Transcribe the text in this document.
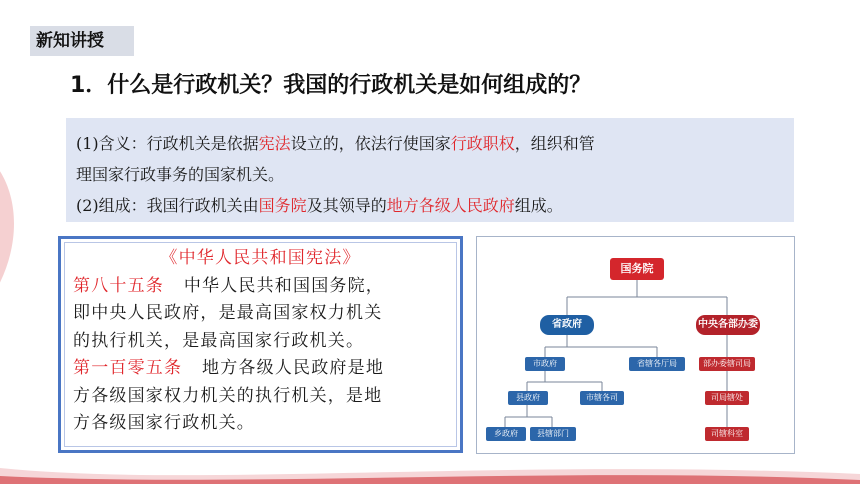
新知讲授
1．什么是行政机关？我国的行政机关是如何组成的？
(1)含义：行政机关是依据宪法设立的，依法行使国家行政职权，组织和管
理国家行政事务的国家机关。
(2)组成：我国行政机关由国务院及其领导的地方各级人民政府组成。
《中华人民共和国宪法》
第八十五条 中华人民共和国国务院，
即中央人民政府，是最高国家权力机关
的执行机关，是最高国家行政机关。
第一百零五条 地方各级人民政府是地
方各级国家权力机关的执行机关，是地
方各级国家行政机关。
国务院
省政府	中央各部办委
市政府	省辖各厅局
县政府	市辖各司
乡政府	县辖部门
部办委辖司局
司局辖处
司辖科室
